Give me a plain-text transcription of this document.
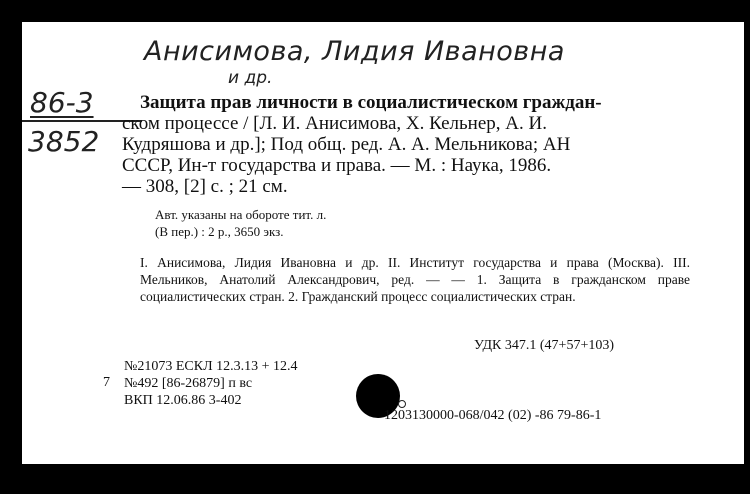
Анисимова, Лидия Ивановна
и др.
86-3
3852

Защита прав личности в социалистическом граждан-

ском процессе / [Л. И. Анисимова, Х. Кельнер, А. И.

Кудряшова и др.]; Под общ. ред. А. А. Мельникова; АН

СССР, Ин-т государства и права. — М. : Наука, 1986.

— 308, [2] с. ; 21 см.

Авт. указаны на обороте тит. л.
(В пер.) : 2 р., 3650 экз.
I. Анисимова, Лидия Ивановна и др. II. Институт государства и права (Москва). III. Мельников, Анатолий Александрович, ред. — — 1. Защита в гражданском праве социалистических стран. 2. Гражданский процесс социалистических стран.
УДК 347.1 (47+57+103)
№21073 ЕСКЛ 12.3.13 + 12.4
№492 [86-26879] п вс
ВКП 12.06.86 3-402
7
1203130000-068/042 (02) -86 79-86-1
